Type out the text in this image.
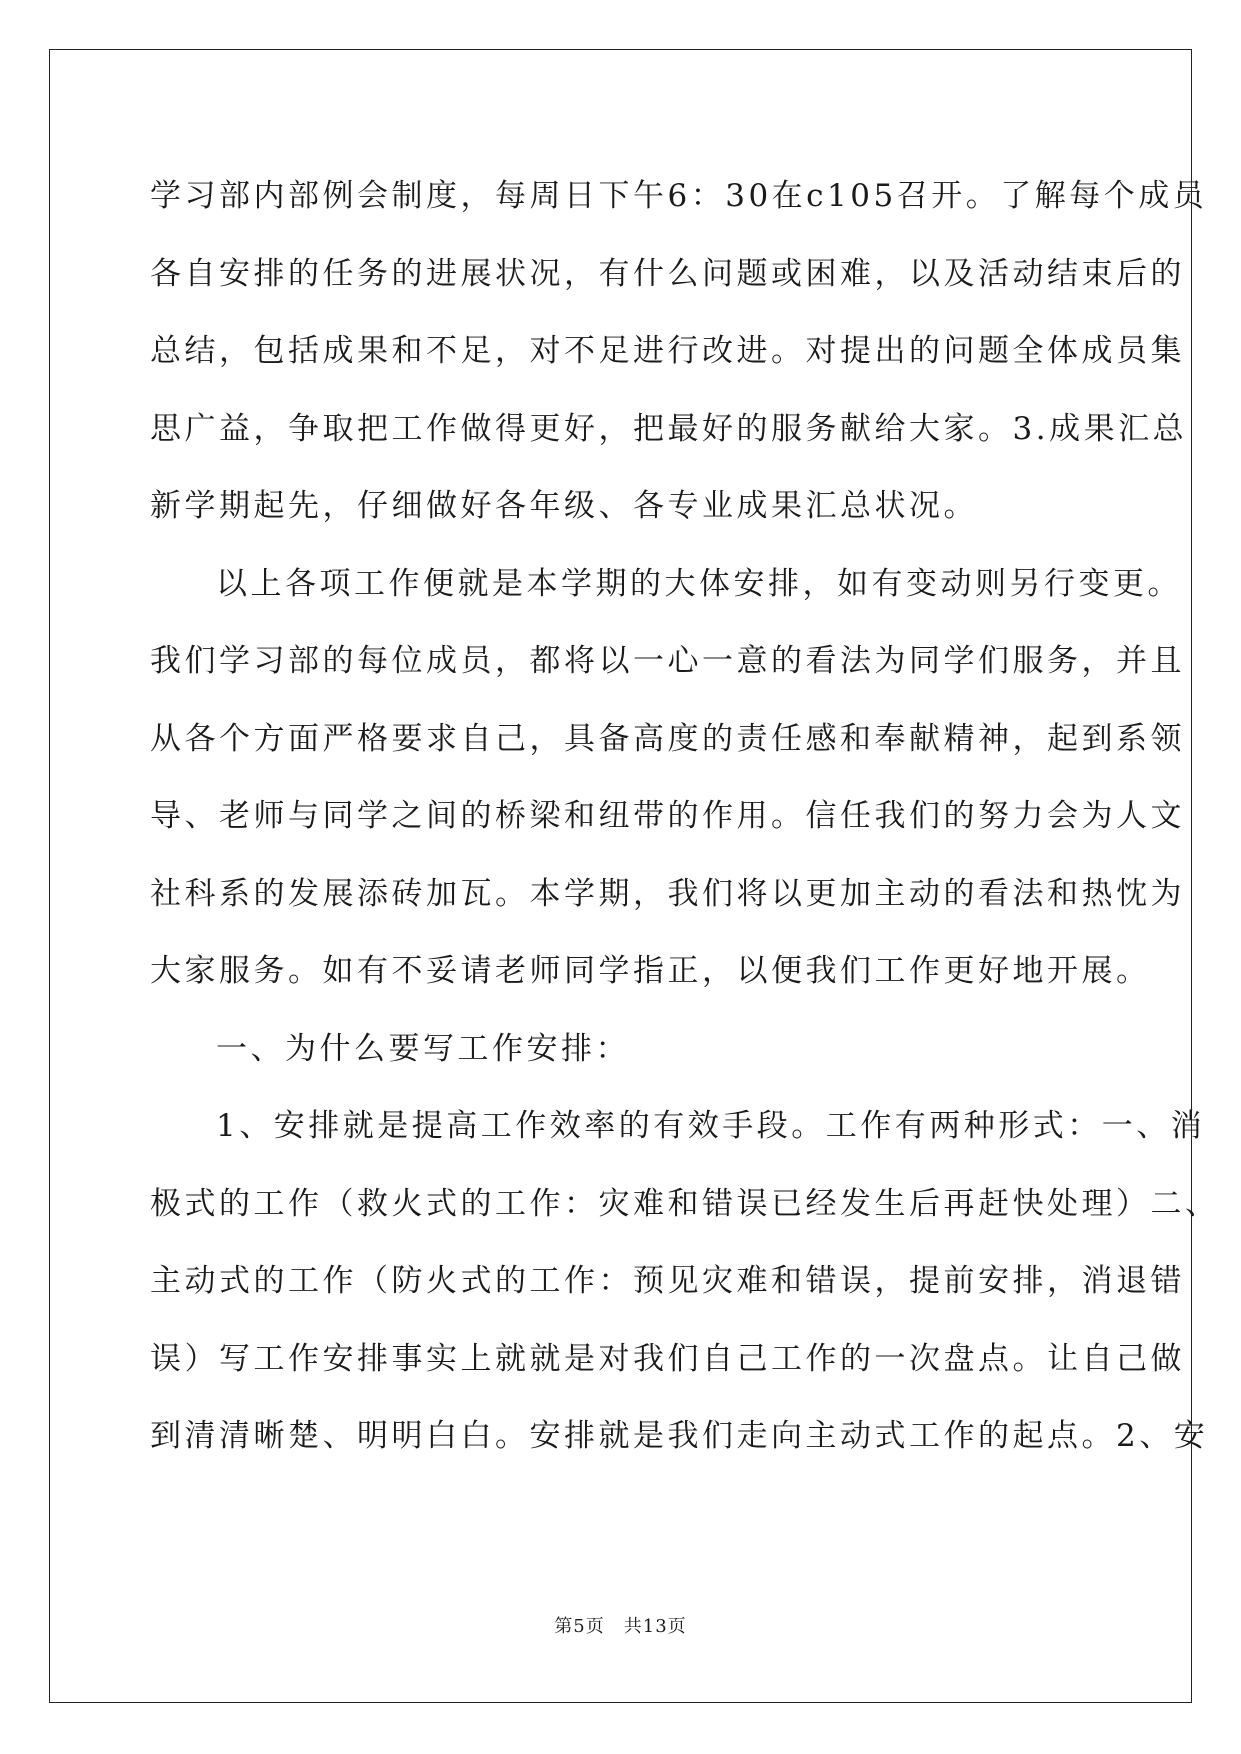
学习部内部例会制度，每周日下午6：30在c105召开。了解每个成员
各自安排的任务的进展状况，有什么问题或困难，以及活动结束后的
总结，包括成果和不足，对不足进行改进。对提出的问题全体成员集
思广益，争取把工作做得更好，把最好的服务献给大家。3.成果汇总
新学期起先，仔细做好各年级、各专业成果汇总状况。
以上各项工作便就是本学期的大体安排，如有变动则另行变更。
我们学习部的每位成员，都将以一心一意的看法为同学们服务，并且
从各个方面严格要求自己，具备高度的责任感和奉献精神，起到系领
导、老师与同学之间的桥梁和纽带的作用。信任我们的努力会为人文
社科系的发展添砖加瓦。本学期，我们将以更加主动的看法和热忱为
大家服务。如有不妥请老师同学指正，以便我们工作更好地开展。
一、为什么要写工作安排：
1、安排就是提高工作效率的有效手段。工作有两种形式：一、消
极式的工作（救火式的工作：灾难和错误已经发生后再赶快处理）二、
主动式的工作（防火式的工作：预见灾难和错误，提前安排，消退错
误）写工作安排事实上就就是对我们自己工作的一次盘点。让自己做
到清清晰楚、明明白白。安排就是我们走向主动式工作的起点。2、安
第5页　共13页
